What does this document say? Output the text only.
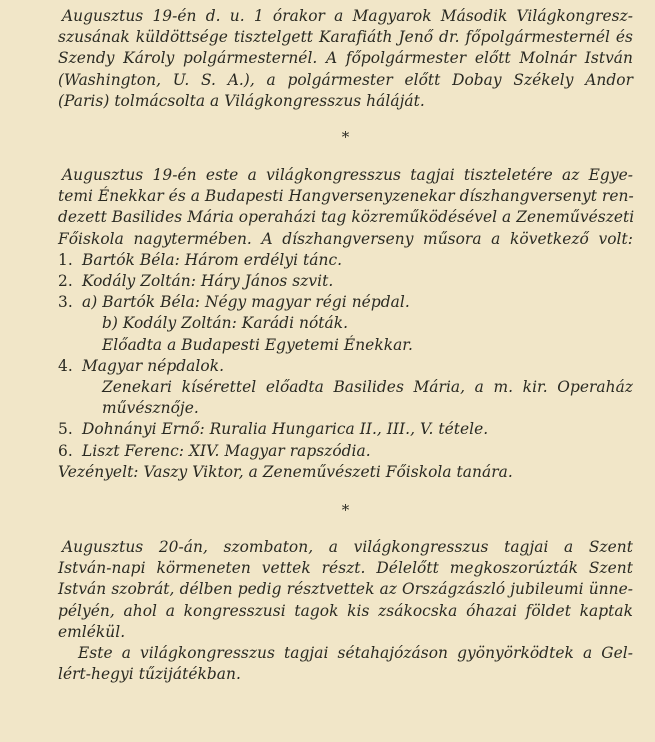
Augusztus 19-én d. u. 1 órakor a Magyarok Második Világkongresz-
szusának küldöttsége tisztelgett Karafiáth Jenő dr. főpolgármesternél és
Szendy Károly polgármesternél. A főpolgármester előtt Molnár István
(Washington, U. S. A.), a polgármester előtt Dobay Székely Andor
(Paris) tolmácsolta a Világkongresszus háláját.
*
Augusztus 19-én este a világkongresszus tagjai tiszteletére az Egye-
temi Énekkar és a Budapesti Hangversenyzenekar díszhangversenyt ren-
dezett Basilides Mária operaházi tag közreműködésével a Zeneművészeti
Főiskola nagytermében. A díszhangverseny műsora a következő volt:
1. Bartók Béla: Három erdélyi tánc.
2. Kodály Zoltán: Háry János szvit.
3. a) Bartók Béla: Négy magyar régi népdal.
b) Kodály Zoltán: Karádi nóták.
Előadta a Budapesti Egyetemi Énekkar.
4. Magyar népdalok.
Zenekari kísérettel előadta Basilides Mária, a m. kir. Operaház
művésznője.
5. Dohnányi Ernő: Ruralia Hungarica II., III., V. tétele.
6. Liszt Ferenc: XIV. Magyar rapszódia.
Vezényelt: Vaszy Viktor, a Zeneművészeti Főiskola tanára.
*
Augusztus 20-án, szombaton, a világkongresszus tagjai a Szent
István-napi körmeneten vettek részt. Délelőtt megkoszorúzták Szent
István szobrát, délben pedig résztvettek az Országzászló jubileumi ünne-
pélyén, ahol a kongresszusi tagok kis zsákocska óhazai földet kaptak
emlékül.
Este a világkongresszus tagjai sétahajózáson gyönyörködtek a Gel-
lért-hegyi tűzijátékban.
